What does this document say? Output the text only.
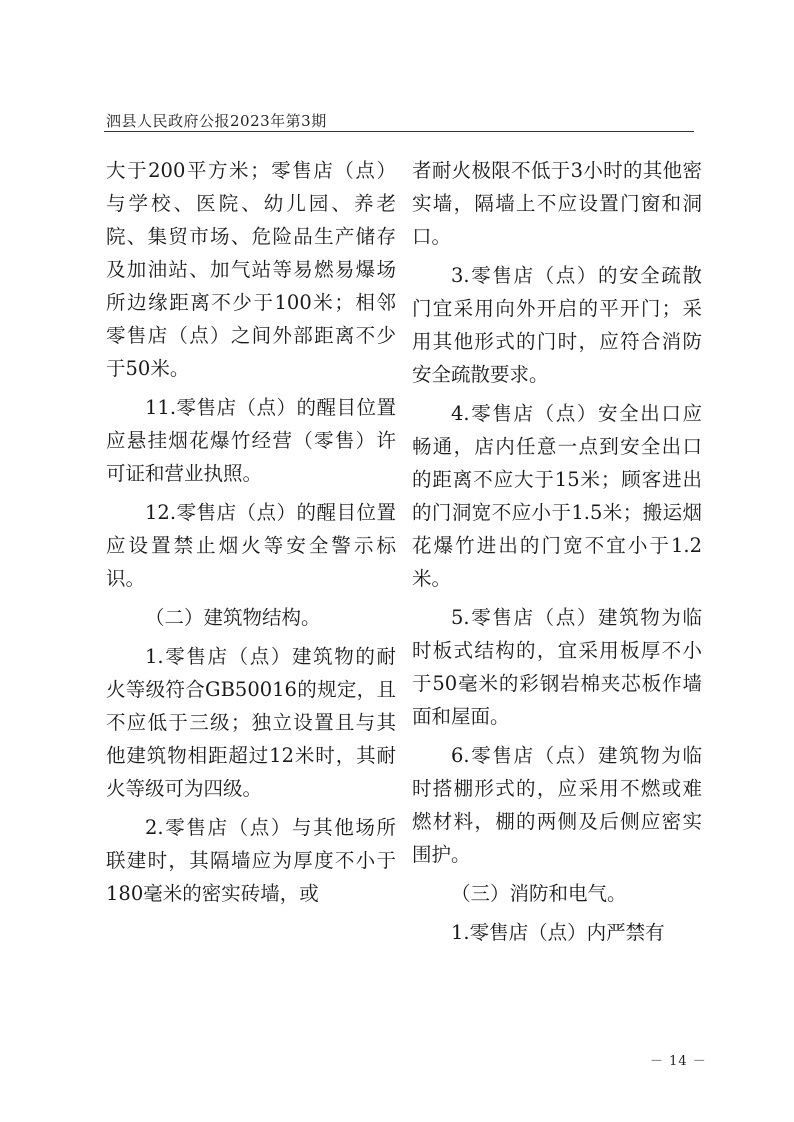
泗县人民政府公报2023年第3期

大于200平方米；零售店（点）与学校、医院、幼儿园、养老院、集贸市场、危险品生产储存及加油站、加气站等易燃易爆场所边缘距离不少于100米；相邻零售店（点）之间外部距离不少于50米。

11.零售店（点）的醒目位置应悬挂烟花爆竹经营（零售）许可证和营业执照。

12.零售店（点）的醒目位置应设置禁止烟火等安全警示标识。

（二）建筑物结构。

1.零售店（点）建筑物的耐火等级符合GB50016的规定，且不应低于三级；独立设置且与其他建筑物相距超过12米时，其耐火等级可为四级。

2.零售店（点）与其他场所联建时，其隔墙应为厚度不小于180毫米的密实砖墙，或

者耐火极限不低于3小时的其他密实墙，隔墙上不应设置门窗和洞口。

3.零售店（点）的安全疏散门宜采用向外开启的平开门；采用其他形式的门时，应符合消防安全疏散要求。

4.零售店（点）安全出口应畅通，店内任意一点到安全出口的距离不应大于15米；顾客进出的门洞宽不应小于1.5米；搬运烟花爆竹进出的门宽不宜小于1.2米。

5.零售店（点）建筑物为临时板式结构的，宜采用板厚不小于50毫米的彩钢岩棉夹芯板作墙面和屋面。

6.零售店（点）建筑物为临时搭棚形式的，应采用不燃或难燃材料，棚的两侧及后侧应密实围护。

（三）消防和电气。

1.零售店（点）内严禁有

－ 14 －
